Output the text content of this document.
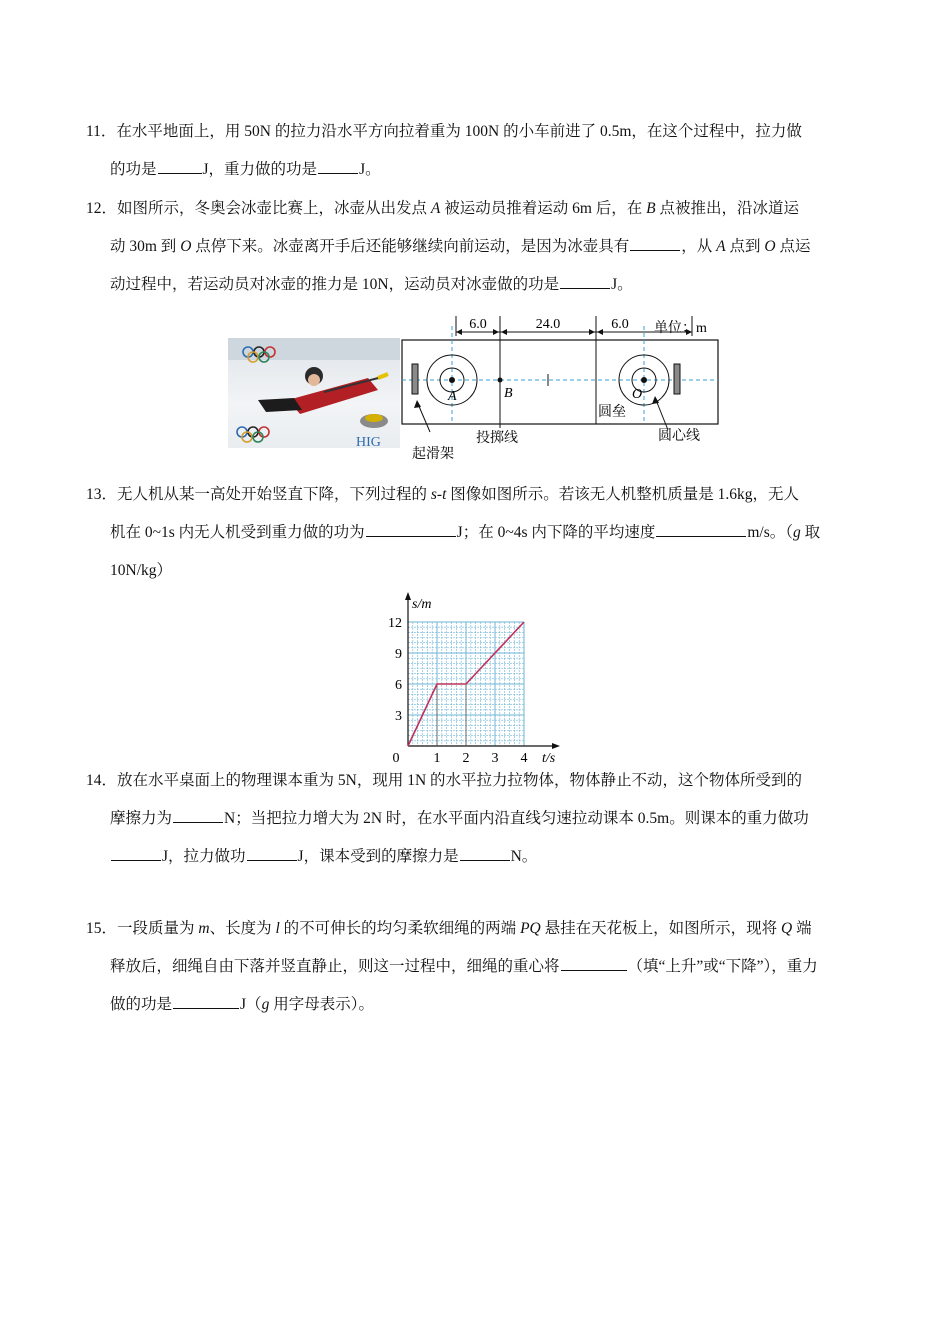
11．在水平地面上，用 50N 的拉力沿水平方向拉着重为 100N 的小车前进了 0.5m，在这个过程中，拉力做

的功是	J，重力做的功是	J。

12．如图所示，冬奥会冰壶比赛上，冰壶从出发点 A 被运动员推着运动 6m 后，在 B 点被推出，沿冰道运

动 30m 到 O 点停下来。冰壶离开手后还能够继续向前运动，是因为冰壶具有	，从 A 点到 O 点运

动过程中，若运动员对冰壶的推力是 10N，运动员对冰壶做的功是	J。

HIG
6.0	24.0	6.0 单位：m
A	B	O
圆垒
起滑架
投掷线	圆心线

13．无人机从某一高处开始竖直下降，下列过程的 s-t 图像如图所示。若该无人机整机质量是 1.6kg，无人

机在 0~1s 内无人机受到重力做的功为	J；在 0~4s 内下降的平均速度	m/s。（g 取

10N/kg）

0 1 2 3 4
3
6
9
12
t/s
s/m

14．放在水平桌面上的物理课本重为 5N，现用 1N 的水平拉力拉物体，物体静止不动，这个物体所受到的

摩擦力为	N；当把拉力增大为 2N 时，在水平面内沿直线匀速拉动课本 0.5m。则课本的重力做功

J，拉力做功	J，课本受到的摩擦力是	N。

15．一段质量为 m、长度为 l 的不可伸长的均匀柔软细绳的两端 PQ 悬挂在天花板上，如图所示，现将 Q 端

释放后，细绳自由下落并竖直静止，则这一过程中，细绳的重心将	（填“上升”或“下降”），重力

做的功是	J（g 用字母表示）。
